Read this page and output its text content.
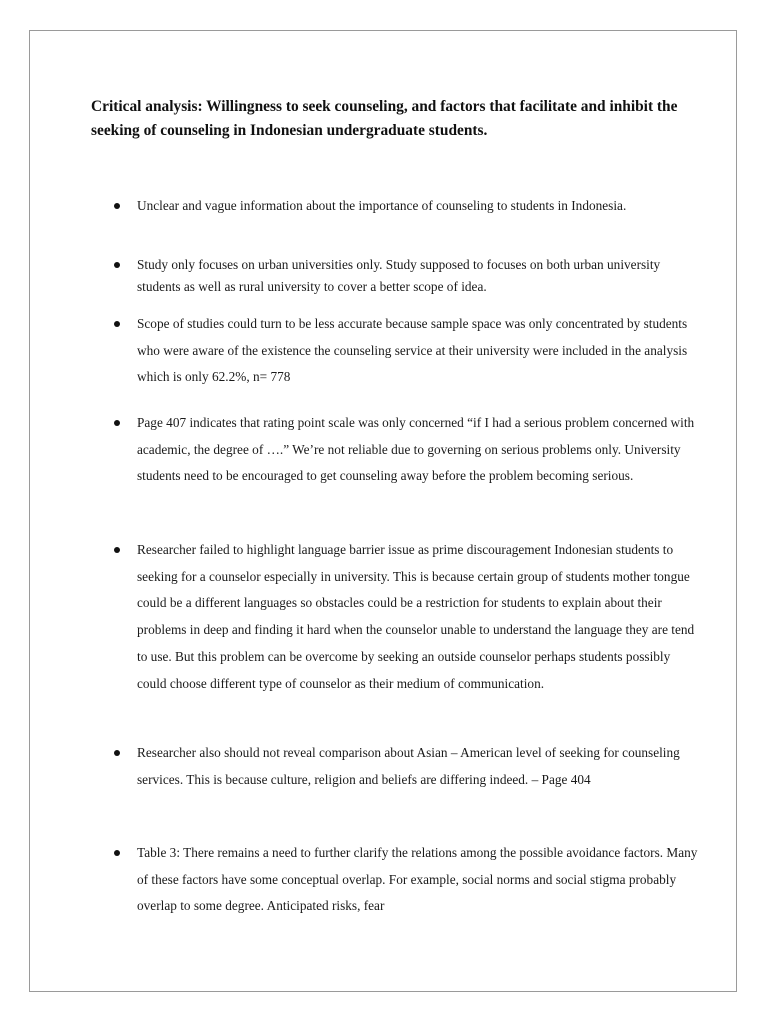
Critical analysis: Willingness to seek counseling, and factors that facilitate and inhibit the seeking of counseling in Indonesian undergraduate students.
Unclear and vague information about the importance of counseling to students in Indonesia.
Study only focuses on urban universities only. Study supposed to focuses on both urban university students as well as rural university to cover a better scope of idea.
Scope of studies could turn to be less accurate because sample space was only concentrated by students who were aware of the existence the counseling service at their university were included in the analysis which is only 62.2%, n= 778
Page 407 indicates that rating point scale was only concerned “if I had a serious problem concerned with academic, the degree of ….” We’re not reliable due to governing on serious problems only. University students need to be encouraged to get counseling away before the problem becoming serious.
Researcher failed to highlight language barrier issue as prime discouragement Indonesian students to seeking for a counselor especially in university. This is because certain group of students mother tongue could be a different languages so obstacles could be a restriction for students to explain about their problems in deep and finding it hard when the counselor unable to understand the language they are tend to use. But this problem can be overcome by seeking an outside counselor perhaps students possibly could choose different type of counselor as their medium of communication.
Researcher also should not reveal comparison about Asian – American level of seeking for counseling services. This is because culture, religion and beliefs are differing indeed. – Page 404
Table 3: There remains a need to further clarify the relations among the possible avoidance factors. Many of these factors have some conceptual overlap. For example, social norms and social stigma probably overlap to some degree. Anticipated risks, fear
